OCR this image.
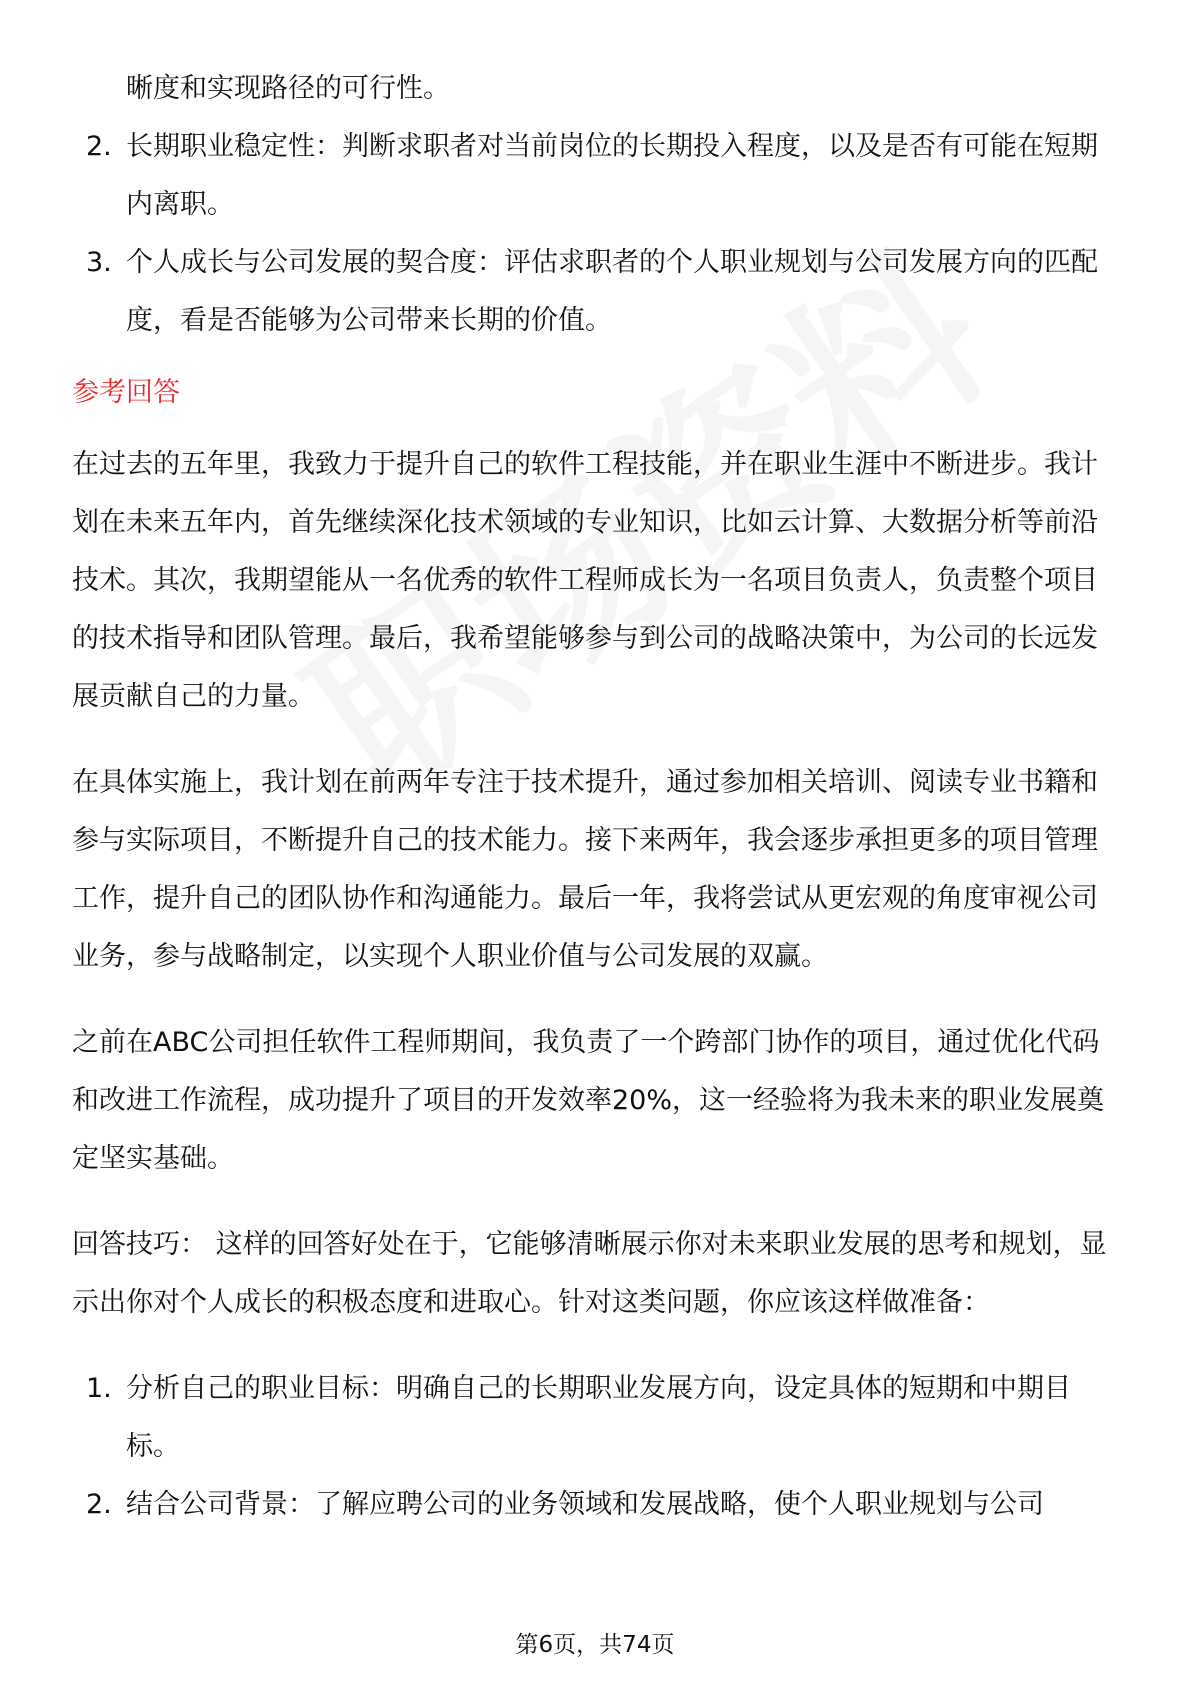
晰度和实现路径的可行性。
2. 长期职业稳定性：判断求职者对当前岗位的长期投入程度，以及是否有可能在短期内离职。
3. 个人成长与公司发展的契合度：评估求职者的个人职业规划与公司发展方向的匹配度，看是否能够为公司带来长期的价值。

参考回答

在过去的五年里，我致力于提升自己的软件工程技能，并在职业生涯中不断进步。我计划在未来五年内，首先继续深化技术领域的专业知识，比如云计算、大数据分析等前沿技术。其次，我期望能从一名优秀的软件工程师成长为一名项目负责人，负责整个项目的技术指导和团队管理。最后，我希望能够参与到公司的战略决策中，为公司的长远发展贡献自己的力量。

在具体实施上，我计划在前两年专注于技术提升，通过参加相关培训、阅读专业书籍和参与实际项目，不断提升自己的技术能力。接下来两年，我会逐步承担更多的项目管理工作，提升自己的团队协作和沟通能力。最后一年，我将尝试从更宏观的角度审视公司业务，参与战略制定，以实现个人职业价值与公司发展的双赢。

之前在ABC公司担任软件工程师期间，我负责了一个跨部门协作的项目，通过优化代码和改进工作流程，成功提升了项目的开发效率20%，这一经验将为我未来的职业发展奠定坚实基础。

回答技巧： 这样的回答好处在于，它能够清晰展示你对未来职业发展的思考和规划，显示出你对个人成长的积极态度和进取心。针对这类问题，你应该这样做准备：

1. 分析自己的职业目标：明确自己的长期职业发展方向，设定具体的短期和中期目标。
2. 结合公司背景：了解应聘公司的业务领域和发展战略，使个人职业规划与公司
第6页，共74页
